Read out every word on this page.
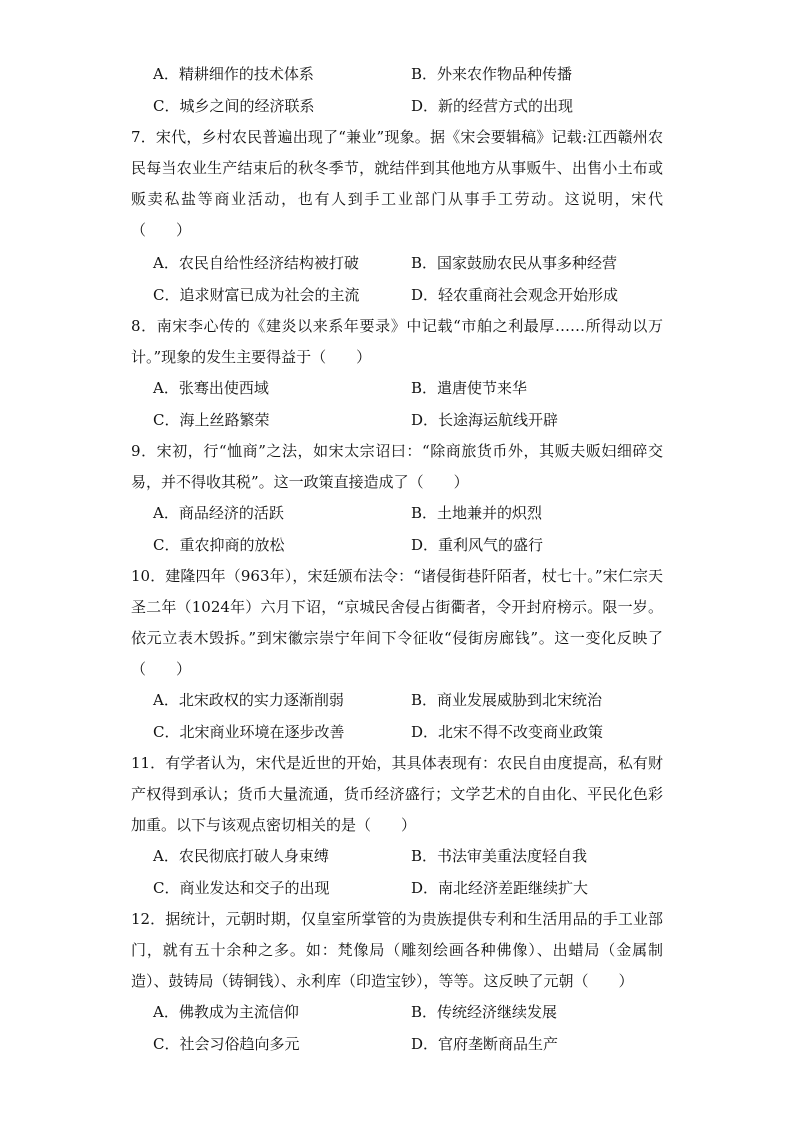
A．精耕细作的技术体系	B．外来农作物品种传播
C．城乡之间的经济联系	D．新的经营方式的出现

7．宋代，乡村农民普遍出现了“兼业”现象。据《宋会要辑稿》记载:江西赣州农民每当农业生产结束后的秋冬季节，就结伴到其他地方从事贩牛、出售小土布或贩卖私盐等商业活动，也有人到手工业部门从事手工劳动。这说明，宋代（　　）

A．农民自给性经济结构被打破	B．国家鼓励农民从事多种经营
C．追求财富已成为社会的主流	D．轻农重商社会观念开始形成

8．南宋李心传的《建炎以来系年要录》中记载“市舶之利最厚……所得动以万计。”现象的发生主要得益于（　　）

A．张骞出使西域	B．遣唐使节来华
C．海上丝路繁荣	D．长途海运航线开辟

9．宋初，行“恤商”之法，如宋太宗诏曰：“除商旅货币外，其贩夫贩妇细碎交易，并不得收其税”。这一政策直接造成了（　　）

A．商品经济的活跃	B．土地兼并的炽烈
C．重农抑商的放松	D．重利风气的盛行

10．建隆四年（963年），宋廷颁布法令：“诸侵街巷阡陌者，杖七十。”宋仁宗天圣二年（1024年）六月下诏，“京城民舍侵占街衢者，令开封府榜示。限一岁。依元立表木毁拆。”到宋徽宗崇宁年间下令征收“侵街房廊钱”。这一变化反映了（　　）

A．北宋政权的实力逐渐削弱	B．商业发展威胁到北宋统治
C．北宋商业环境在逐步改善	D．北宋不得不改变商业政策

11．有学者认为，宋代是近世的开始，其具体表现有：农民自由度提高，私有财产权得到承认；货币大量流通，货币经济盛行；文学艺术的自由化、平民化色彩加重。以下与该观点密切相关的是（　　）

A．农民彻底打破人身束缚	B．书法审美重法度轻自我
C．商业发达和交子的出现	D．南北经济差距继续扩大

12．据统计，元朝时期，仅皇室所掌管的为贵族提供专利和生活用品的手工业部门，就有五十余种之多。如：梵像局（雕刻绘画各种佛像）、出蜡局（金属制造）、鼓铸局（铸铜钱）、永利库（印造宝钞），等等。这反映了元朝（　　）

A．佛教成为主流信仰	B．传统经济继续发展
C．社会习俗趋向多元	D．官府垄断商品生产
